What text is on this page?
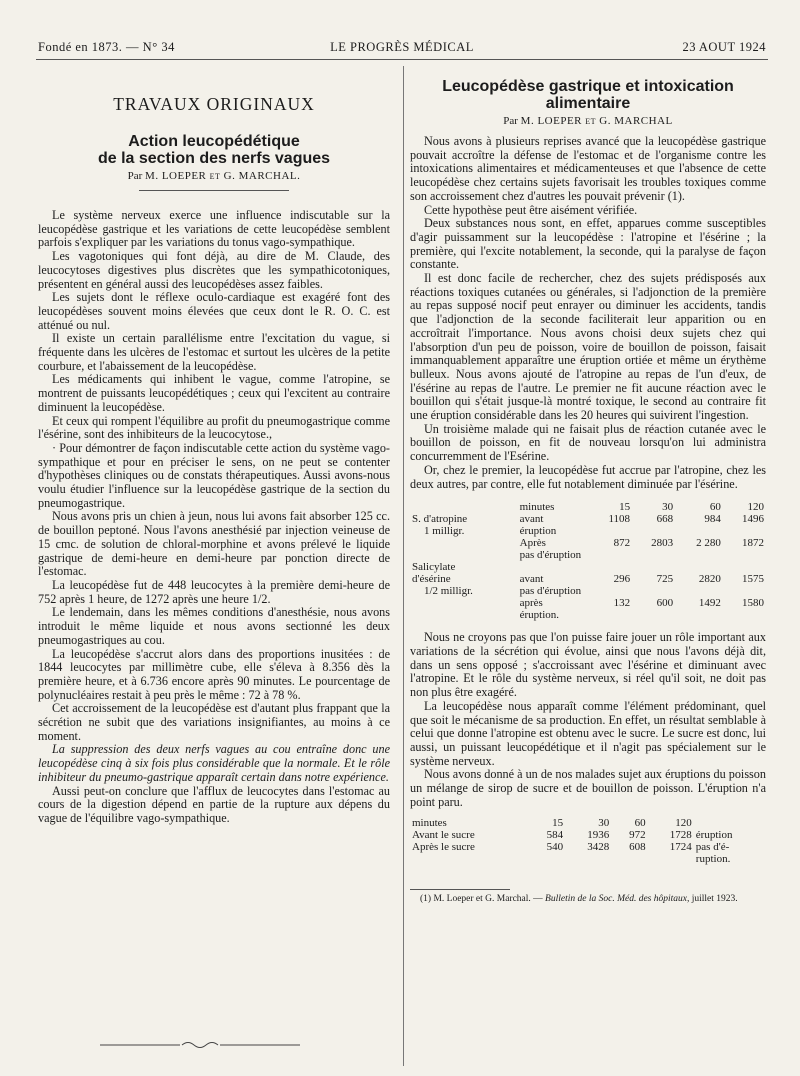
Fondé en 1873. — N° 34	LE PROGRÈS MÉDICAL	23 AOUT 1924
TRAVAUX ORIGINAUX
Action leucopédétique
de la section des nerfs vagues
Par M. LOEPER et G. MARCHAL.

Le système nerveux exerce une influence indiscutable sur la leucopédèse gastrique et les variations de cette leucopédèse semblent parfois s'expliquer par les variations du tonus vago-sympathique.

Les vagotoniques qui font déjà, au dire de M. Claude, des leucocytoses digestives plus discrètes que les sympathicotoniques, présentent en général aussi des leucopédèses assez faibles.

Les sujets dont le réflexe oculo-cardiaque est exagéré font des leucopédèses souvent moins élevées que ceux dont le R. O. C. est atténué ou nul.

Il existe un certain parallélisme entre l'excitation du vague, si fréquente dans les ulcères de l'estomac et surtout les ulcères de la petite courbure, et l'abaissement de la leucopédèse.

Les médicaments qui inhibent le vague, comme l'atropine, se montrent de puissants leucopédétiques ; ceux qui l'excitent au contraire diminuent la leucopédèse.

Et ceux qui rompent l'équilibre au profit du pneumogastrique comme l'ésérine, sont des inhibiteurs de la leucocytose.,

· Pour démontrer de façon indiscutable cette action du système vago-sympathique et pour en préciser le sens, on ne peut se contenter d'hypothèses cliniques ou de constats thérapeutiques. Aussi avons-nous voulu étudier l'influence sur la leucopédèse gastrique de la section du pneumogastrique.

Nous avons pris un chien à jeun, nous lui avons fait absorber 125 cc. de bouillon peptoné. Nous l'avons anesthésié par injection veineuse de 15 cmc. de solution de chloral-morphine et avons prélevé le liquide gastrique de demi-heure en demi-heure par ponction directe de l'estomac.

La leucopédèse fut de 448 leucocytes à la première demi-heure de 752 après 1 heure, de 1272 après une heure 1/2.

Le lendemain, dans les mêmes conditions d'anesthésie, nous avons introduit le même liquide et nous avons sectionné les deux pneumogastriques au cou.

La leucopédèse s'accrut alors dans des proportions inusitées : de 1844 leucocytes par millimètre cube, elle s'éleva à 8.356 dès la première heure, et à 6.736 encore après 90 minutes. Le pourcentage de polynucléaires restait à peu près le même : 72 à 78 %.

Cet accroissement de la leucopédèse est d'autant plus frappant que la sécrétion ne subit que des variations insignifiantes, au moins à ce moment.

La suppression des deux nerfs vagues au cou entraîne donc une leucopédèse cinq à six fois plus considérable que la normale. Et le rôle inhibiteur du pneumo-gastrique apparaît certain dans notre expérience.

Aussi peut-on conclure que l'afflux de leucocytes dans l'estomac au cours de la digestion dépend en partie de la rupture aux dépens du vague de l'équilibre vago-sympathique.

Leucopédèse gastrique et intoxication
alimentaire
Par M. LOEPER et G. MARCHAL

Nous avons à plusieurs reprises avancé que la leucopédèse gastrique pouvait accroître la défense de l'estomac et de l'organisme contre les intoxications alimentaires et médicamenteuses et que l'absence de cette leucopédèse chez certains sujets favorisait les troubles toxiques comme son accroissement chez d'autres les pouvait prévenir (1).

Cette hypothèse peut être aisément vérifiée.

Deux substances nous sont, en effet, apparues comme susceptibles d'agir puissamment sur la leucopédèse : l'atropine et l'ésérine ; la première, qui l'excite notablement, la seconde, qui la paralyse de façon constante.

Il est donc facile de rechercher, chez des sujets prédisposés aux réactions toxiques cutanées ou générales, si l'adjonction de la première au repas supposé nocif peut enrayer ou diminuer les accidents, tandis que l'adjonction de la seconde faciliterait leur apparition ou en accroîtrait l'importance. Nous avons choisi deux sujets chez qui l'absorption d'un peu de poisson, voire de bouillon de poisson, faisait immanquablement apparaître une éruption ortiée et même un érythème bulleux. Nous avons ajouté de l'atropine au repas de l'un d'eux, de l'ésérine au repas de l'autre. Le premier ne fit aucune réaction avec le bouillon qui s'était jusque-là montré toxique, le second au contraire fit une éruption considérable dans les 20 heures qui suivirent l'ingestion.

Un troisième malade qui ne faisait plus de réaction cutanée avec le bouillon de poisson, en fit de nouveau lorsqu'on lui administra concurremment de l'Esérine.

Or, chez le premier, la leucopédèse fut accrue par l'atropine, chez les deux autres, par contre, elle fut notablement diminuée par l'ésérine.

	minutes	15	30	60	120
S. d'atropine	avant	1108	668	984	1496
1 milligr.	éruption				
	Après	872	2803	2 280	1872
	pas d'éruption				
Salicylate					
d'ésérine	avant	296	725	2820	1575
1/2 milligr.	pas d'éruption				
	après	132	600	1492	1580
	éruption.				

Nous ne croyons pas que l'on puisse faire jouer un rôle important aux variations de la sécrétion qui évolue, ainsi que nous l'avons déjà dit, dans un sens opposé ; s'accroissant avec l'ésérine et diminuant avec l'atropine. Et le rôle du système nerveux, si réel qu'il soit, ne doit pas non plus être exagéré.

La leucopédèse nous apparaît comme l'élément prédominant, quel que soit le mécanisme de sa production. En effet, un résultat semblable à celui que donne l'atropine est obtenu avec le sucre. Le sucre est donc, lui aussi, un puissant leucopédétique et il n'agit pas spécialement sur le système nerveux.

Nous avons donné à un de nos malades sujet aux éruptions du poisson un mélange de sirop de sucre et de bouillon de poisson. L'éruption n'a point paru.

minutes	15	30	60	120	
Avant le sucre	584	1936	972	1728	éruption
Après le sucre	540	3428	608	1724	pas d'é-
					ruption.
(1) M. Loeper et G. Marchal. — Bulletin de la Soc. Méd. des hôpitaux, juillet 1923.
